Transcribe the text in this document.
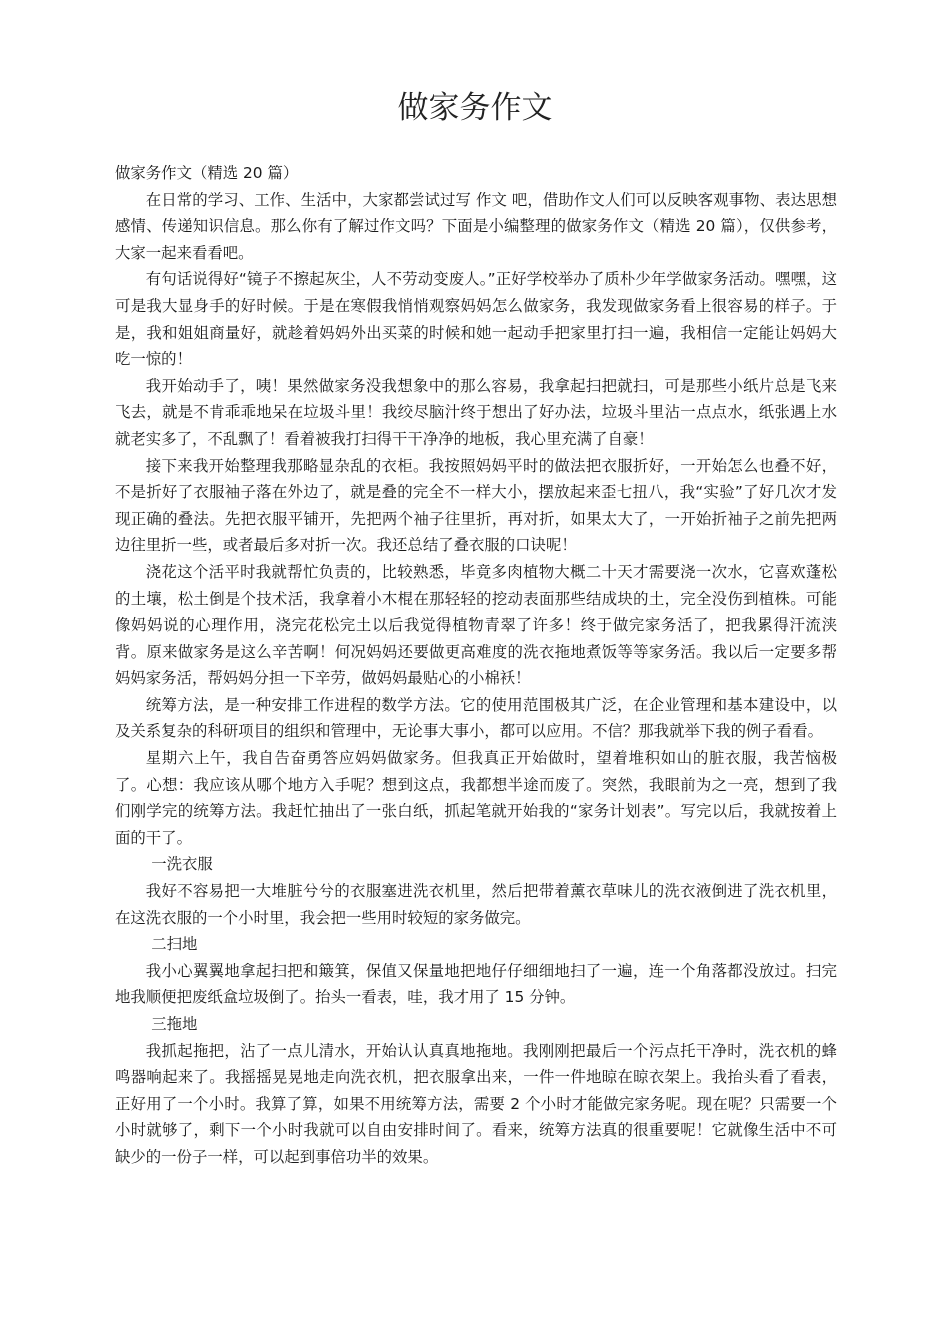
做家务作文

做家务作文（精选 20 篇）

在日常的学习、工作、生活中，大家都尝试过写 作文 吧，借助作文人们可以反映客观事物、表达思想感情、传递知识信息。那么你有了解过作文吗？下面是小编整理的做家务作文（精选 20 篇），仅供参考，大家一起来看看吧。

有句话说得好“镜子不擦起灰尘，人不劳动变废人。”正好学校举办了质朴少年学做家务活动。嘿嘿，这可是我大显身手的好时候。于是在寒假我悄悄观察妈妈怎么做家务，我发现做家务看上很容易的样子。于是，我和姐姐商量好，就趁着妈妈外出买菜的时候和她一起动手把家里打扫一遍，我相信一定能让妈妈大吃一惊的！

我开始动手了，咦！果然做家务没我想象中的那么容易，我拿起扫把就扫，可是那些小纸片总是飞来飞去，就是不肯乖乖地呆在垃圾斗里！我绞尽脑汁终于想出了好办法，垃圾斗里沾一点点水，纸张遇上水就老实多了，不乱飘了！看着被我打扫得干干净净的地板，我心里充满了自豪！

接下来我开始整理我那略显杂乱的衣柜。我按照妈妈平时的做法把衣服折好，一开始怎么也叠不好，不是折好了衣服袖子落在外边了，就是叠的完全不一样大小，摆放起来歪七扭八，我“实验”了好几次才发现正确的叠法。先把衣服平铺开，先把两个袖子往里折，再对折，如果太大了，一开始折袖子之前先把两边往里折一些，或者最后多对折一次。我还总结了叠衣服的口诀呢！

浇花这个活平时我就帮忙负责的，比较熟悉，毕竟多肉植物大概二十天才需要浇一次水，它喜欢蓬松的土壤，松土倒是个技术活，我拿着小木棍在那轻轻的挖动表面那些结成块的土，完全没伤到植株。可能像妈妈说的心理作用，浇完花松完土以后我觉得植物青翠了许多！终于做完家务活了，把我累得汗流浃背。原来做家务是这么辛苦啊！何况妈妈还要做更高难度的洗衣拖地煮饭等等家务活。我以后一定要多帮妈妈家务活，帮妈妈分担一下辛劳，做妈妈最贴心的小棉袄！

统筹方法，是一种安排工作进程的数学方法。它的使用范围极其广泛，在企业管理和基本建设中，以及关系复杂的科研项目的组织和管理中，无论事大事小，都可以应用。不信？那我就举下我的例子看看。

星期六上午，我自告奋勇答应妈妈做家务。但我真正开始做时，望着堆积如山的脏衣服，我苦恼极了。心想：我应该从哪个地方入手呢？想到这点，我都想半途而废了。突然，我眼前为之一亮，想到了我们刚学完的统筹方法。我赶忙抽出了一张白纸，抓起笔就开始我的“家务计划表”。写完以后，我就按着上面的干了。

一洗衣服

我好不容易把一大堆脏兮兮的衣服塞进洗衣机里，然后把带着薰衣草味儿的洗衣液倒进了洗衣机里，在这洗衣服的一个小时里，我会把一些用时较短的家务做完。

二扫地

我小心翼翼地拿起扫把和簸箕，保值又保量地把地仔仔细细地扫了一遍，连一个角落都没放过。扫完地我顺便把废纸盒垃圾倒了。抬头一看表，哇，我才用了 15 分钟。

三拖地

我抓起拖把，沾了一点儿清水，开始认认真真地拖地。我刚刚把最后一个污点托干净时，洗衣机的蜂鸣器响起来了。我摇摇晃晃地走向洗衣机，把衣服拿出来，一件一件地晾在晾衣架上。我抬头看了看表，正好用了一个小时。我算了算，如果不用统筹方法，需要 2 个小时才能做完家务呢。现在呢？只需要一个小时就够了，剩下一个小时我就可以自由安排时间了。看来，统筹方法真的很重要呢！它就像生活中不可缺少的一份子一样，可以起到事倍功半的效果。
